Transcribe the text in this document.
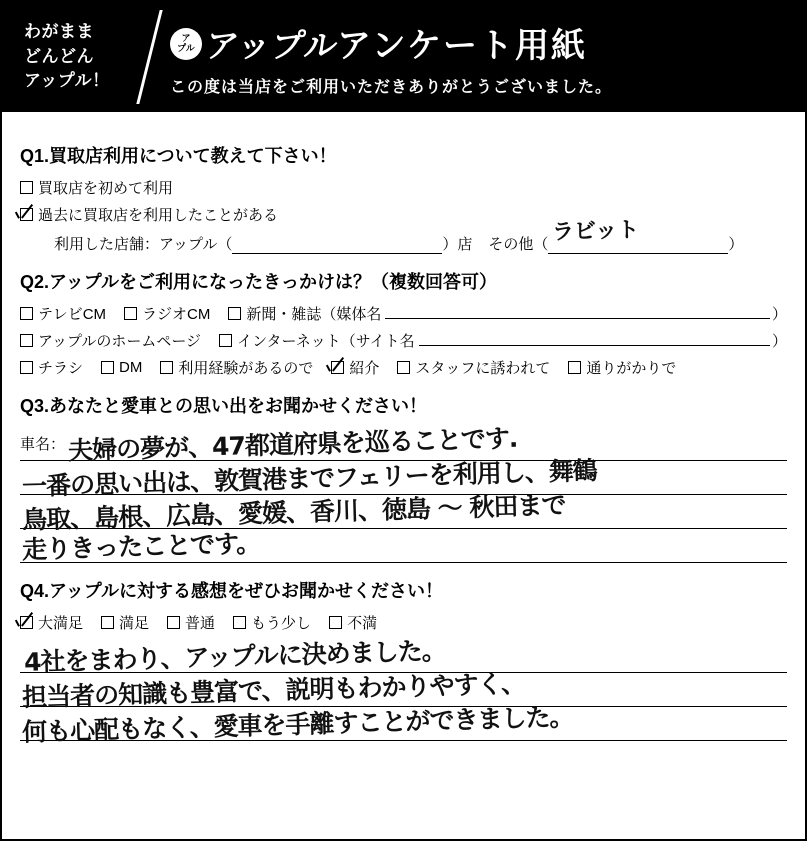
わがまま
どんどん
アップル！
ア
プル アップル
アンケート用紙
この度は当店をご利用いただきありがとうございました。
Q1.買取店利用について教えて下さい！
買取店を初めて利用
過去に買取店を利用したことがある
利用した店舗： アップル（	）店 その他（ ラビット	）
Q2.アップルをご利用になったきっかけは？（複数回答可）
テレビCM ラジオCM 新聞・雑誌（媒体名	）
アップルのホームページ インターネット（サイト名	）
チラシ DM 利用経験があるので 紹介 スタッフに誘われて 通りがかりで
Q3.あなたと愛車との思い出をお聞かせください！
車名： 夫婦の夢が、47都道府県を巡ることです.
一番の思い出は、敦賀港までフェリーを利用し、舞鶴
鳥取、島根、広島、愛媛、香川、徳島 ～ 秋田まで
走りきったことです。
Q4.アップルに対する感想をぜひお聞かせください！
大満足 満足 普通 もう少し 不満
4社をまわり、アップルに決めました。
担当者の知識も豊富で、説明もわかりやすく、
何も心配もなく、愛車を手離すことができました。
